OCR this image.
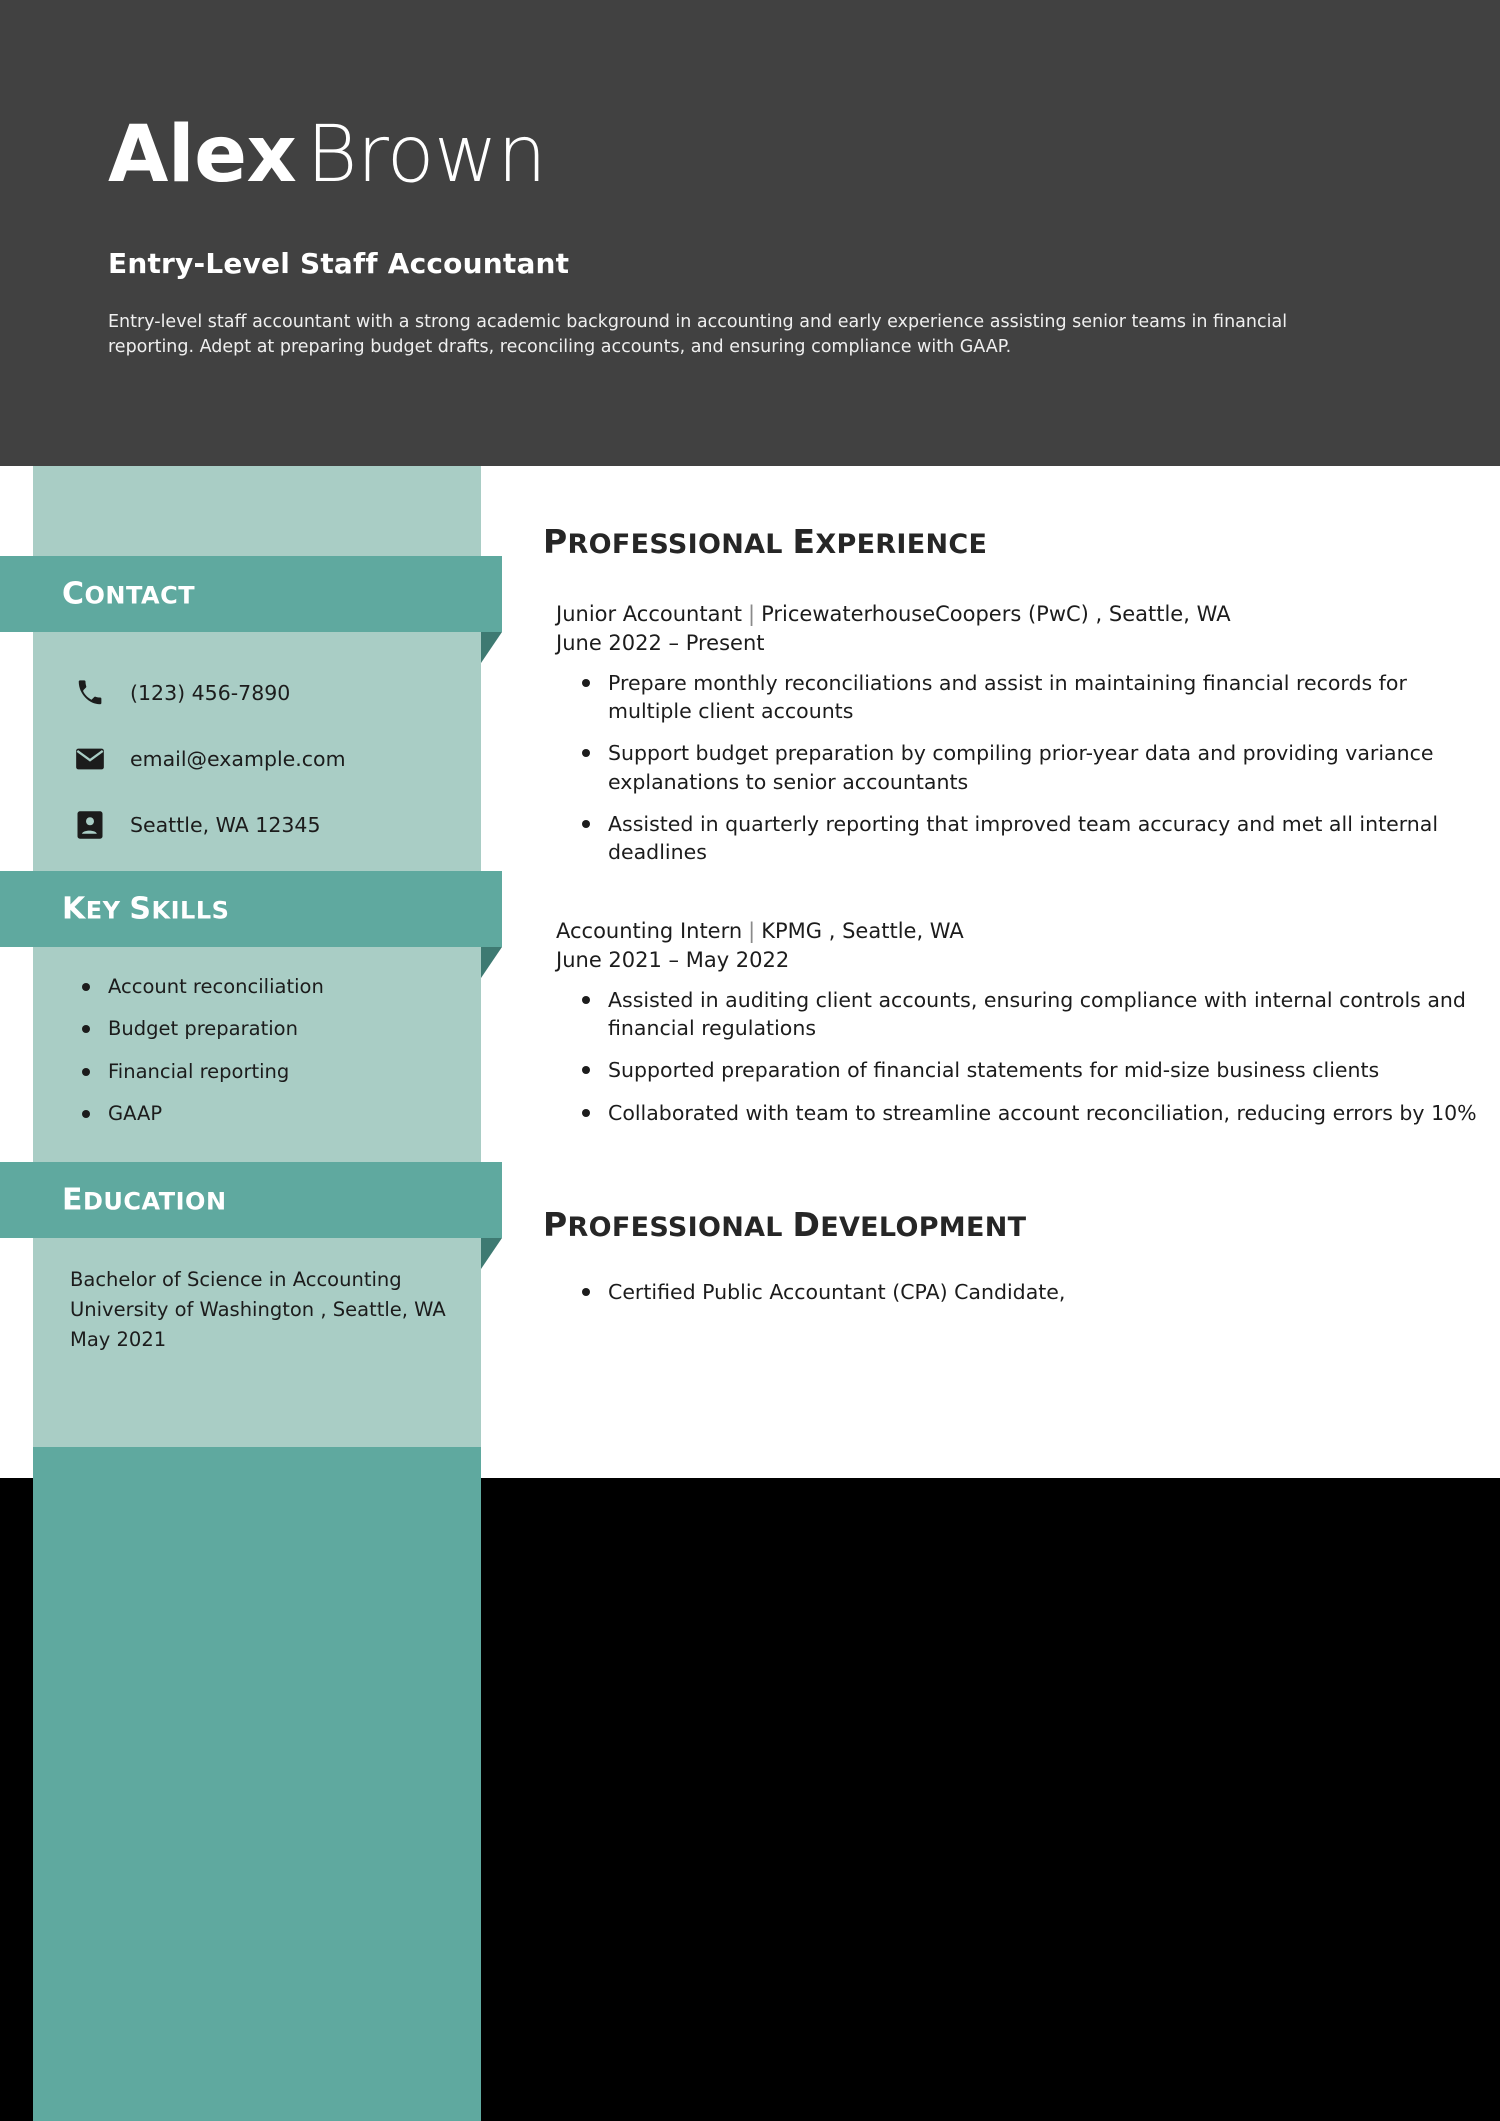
Alex Brown
Entry-Level Staff Accountant
Entry-level staff accountant with a strong academic background in accounting and early experience assisting senior teams in financial reporting. Adept at preparing budget drafts, reconciling accounts, and ensuring compliance with GAAP.
CONTACT
(123) 456-7890
email@example.com
Seattle, WA 12345
KEY SKILLS
Account reconciliation
Budget preparation
Financial reporting
GAAP
EDUCATION
Bachelor of Science in Accounting
University of Washington , Seattle, WA
May 2021
PROFESSIONAL EXPERIENCE
Junior Accountant | PricewaterhouseCoopers (PwC) , Seattle, WA
June 2022 – Present
Prepare monthly reconciliations and assist in maintaining financial records for multiple client accounts
Support budget preparation by compiling prior-year data and providing variance explanations to senior accountants
Assisted in quarterly reporting that improved team accuracy and met all internal deadlines
Accounting Intern | KPMG , Seattle, WA
June 2021 – May 2022
Assisted in auditing client accounts, ensuring compliance with internal controls and financial regulations
Supported preparation of financial statements for mid-size business clients
Collaborated with team to streamline account reconciliation, reducing errors by 10%
PROFESSIONAL DEVELOPMENT
Certified Public Accountant (CPA) Candidate,
